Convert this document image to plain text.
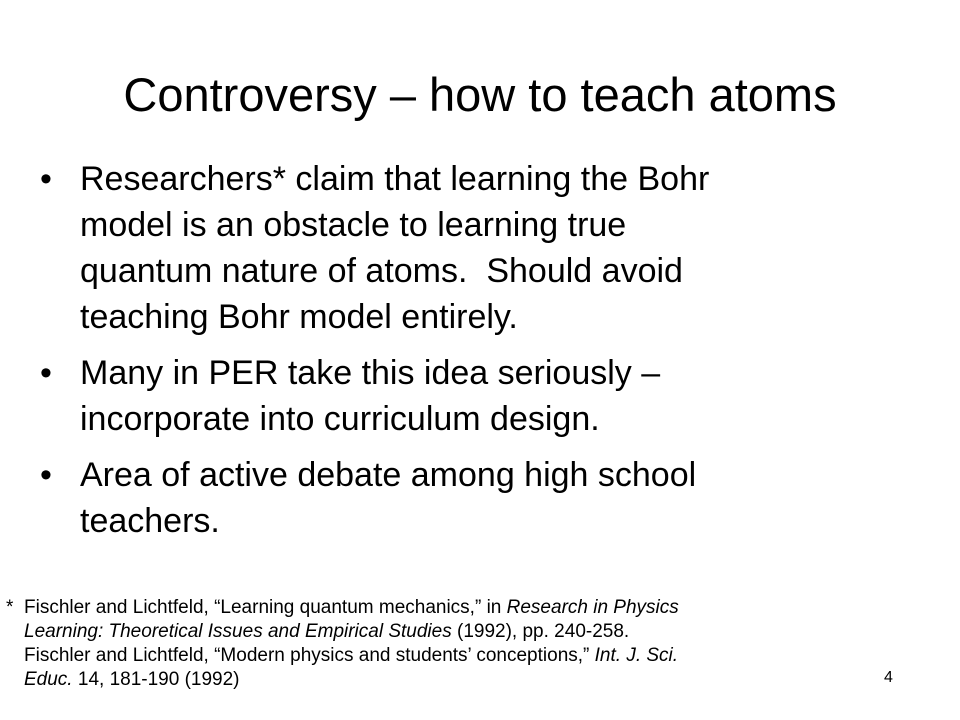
Controversy – how to teach atoms
• Researchers* claim that learning the Bohr
model is an obstacle to learning true
quantum nature of atoms.  Should avoid
teaching Bohr model entirely.
• Many in PER take this idea seriously –
incorporate into curriculum design.
• Area of active debate among high school
teachers.
* Fischler and Lichtfeld, “Learning quantum mechanics,” in Research in Physics
Learning: Theoretical Issues and Empirical Studies (1992), pp. 240-258.
Fischler and Lichtfeld, “Modern physics and students’ conceptions,” Int. J. Sci.
Educ. 14, 181-190 (1992)	4
